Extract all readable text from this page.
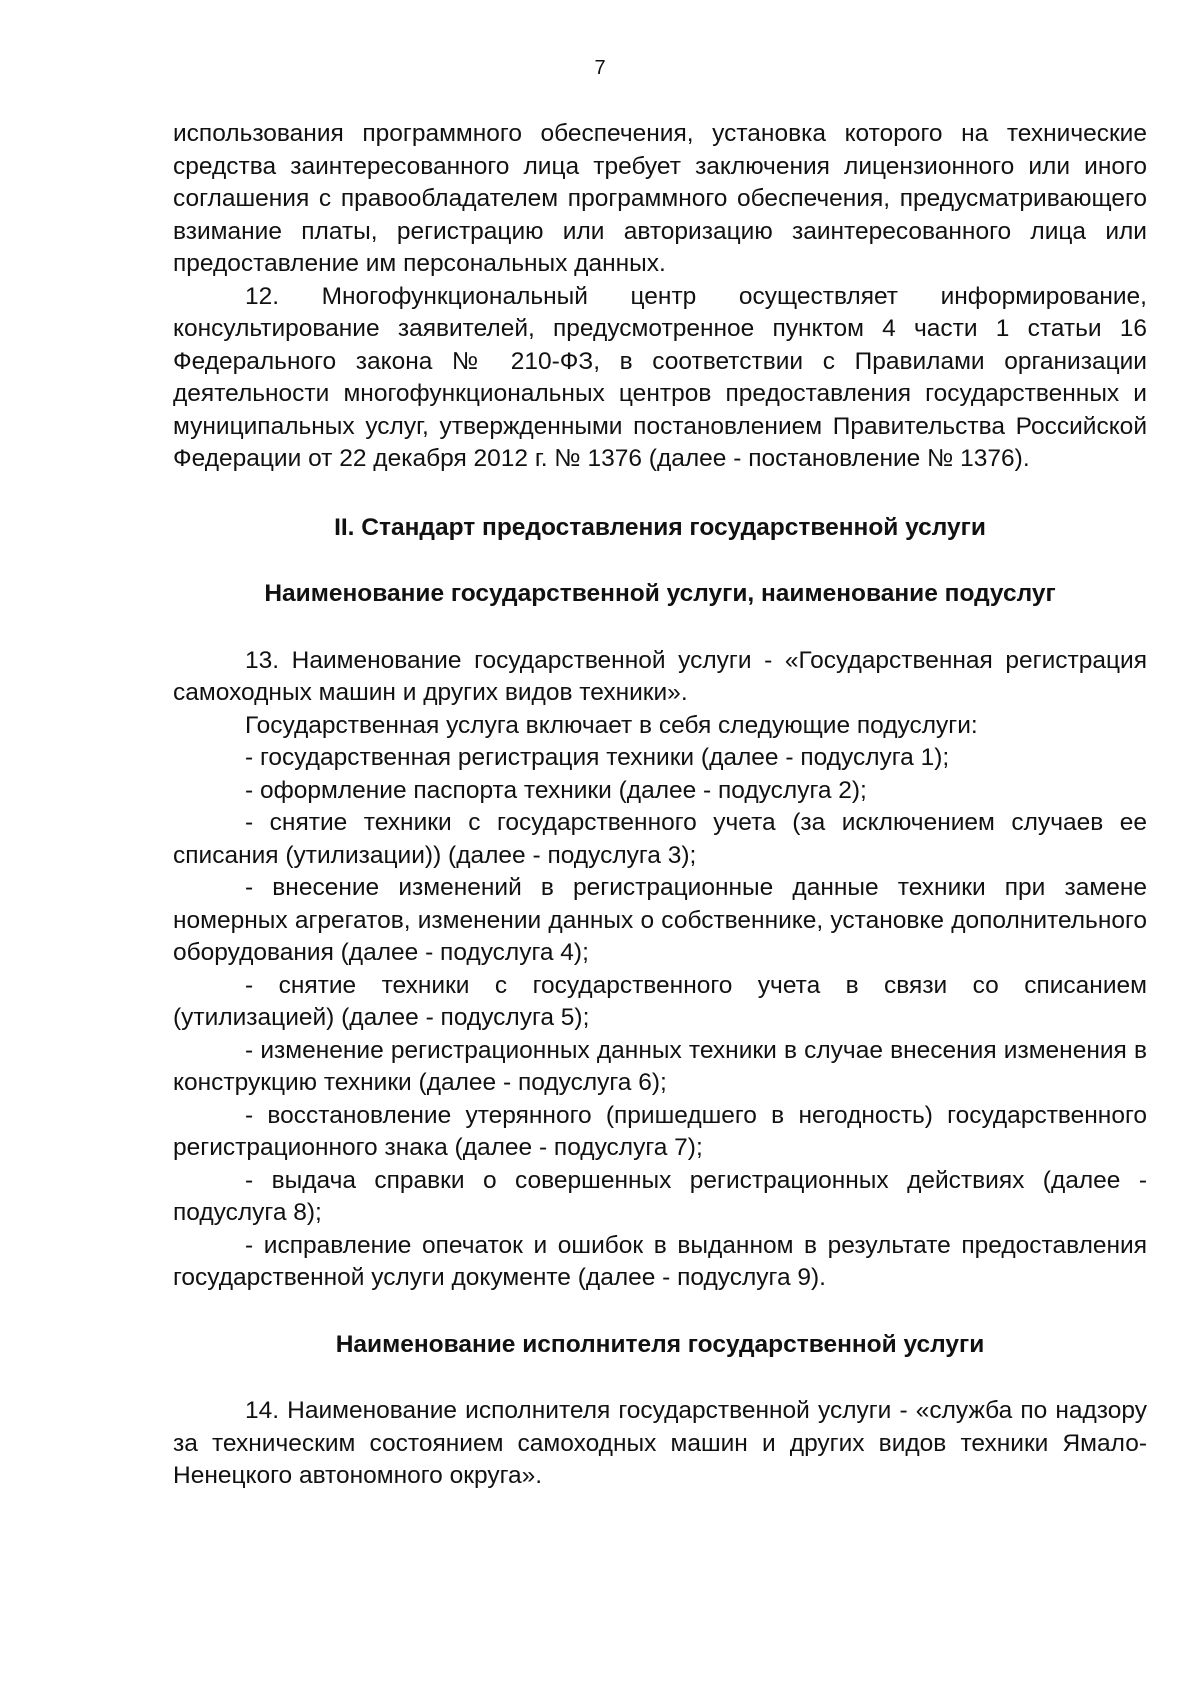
7

использования программного обеспечения, установка которого на технические средства заинтересованного лица требует заключения лицензионного или иного соглашения с правообладателем программного обеспечения, предусматривающего взимание платы, регистрацию или авторизацию заинтересованного лица или предоставление им персональных данных.

12. Многофункциональный центр осуществляет информирование, консультирование заявителей, предусмотренное пунктом 4 части 1 статьи 16 Федерального закона № 210-ФЗ, в соответствии с Правилами организации деятельности многофункциональных центров предоставления государственных и муниципальных услуг, утвержденными постановлением Правительства Российской Федерации от 22 декабря 2012 г. № 1376 (далее - постановление № 1376).

II. Стандарт предоставления государственной услуги
Наименование государственной услуги, наименование подуслуг

13. Наименование государственной услуги - «Государственная регистрация самоходных машин и других видов техники».

Государственная услуга включает в себя следующие подуслуги:

- государственная регистрация техники (далее - подуслуга 1);

- оформление паспорта техники (далее - подуслуга 2);

- снятие техники с государственного учета (за исключением случаев ее списания (утилизации)) (далее - подуслуга 3);

- внесение изменений в регистрационные данные техники при замене номерных агрегатов, изменении данных о собственнике, установке дополнительного оборудования (далее - подуслуга 4);

- снятие техники с государственного учета в связи со списанием (утилизацией) (далее - подуслуга 5);

- изменение регистрационных данных техники в случае внесения изменения в конструкцию техники (далее - подуслуга 6);

- восстановление утерянного (пришедшего в негодность) государственного регистрационного знака (далее - подуслуга 7);

- выдача справки о совершенных регистрационных действиях (далее - подуслуга 8);

- исправление опечаток и ошибок в выданном в результате предоставления государственной услуги документе (далее - подуслуга 9).

Наименование исполнителя государственной услуги

14. Наименование исполнителя государственной услуги - «служба по надзору за техническим состоянием самоходных машин и других видов техники Ямало-Ненецкого автономного округа».
